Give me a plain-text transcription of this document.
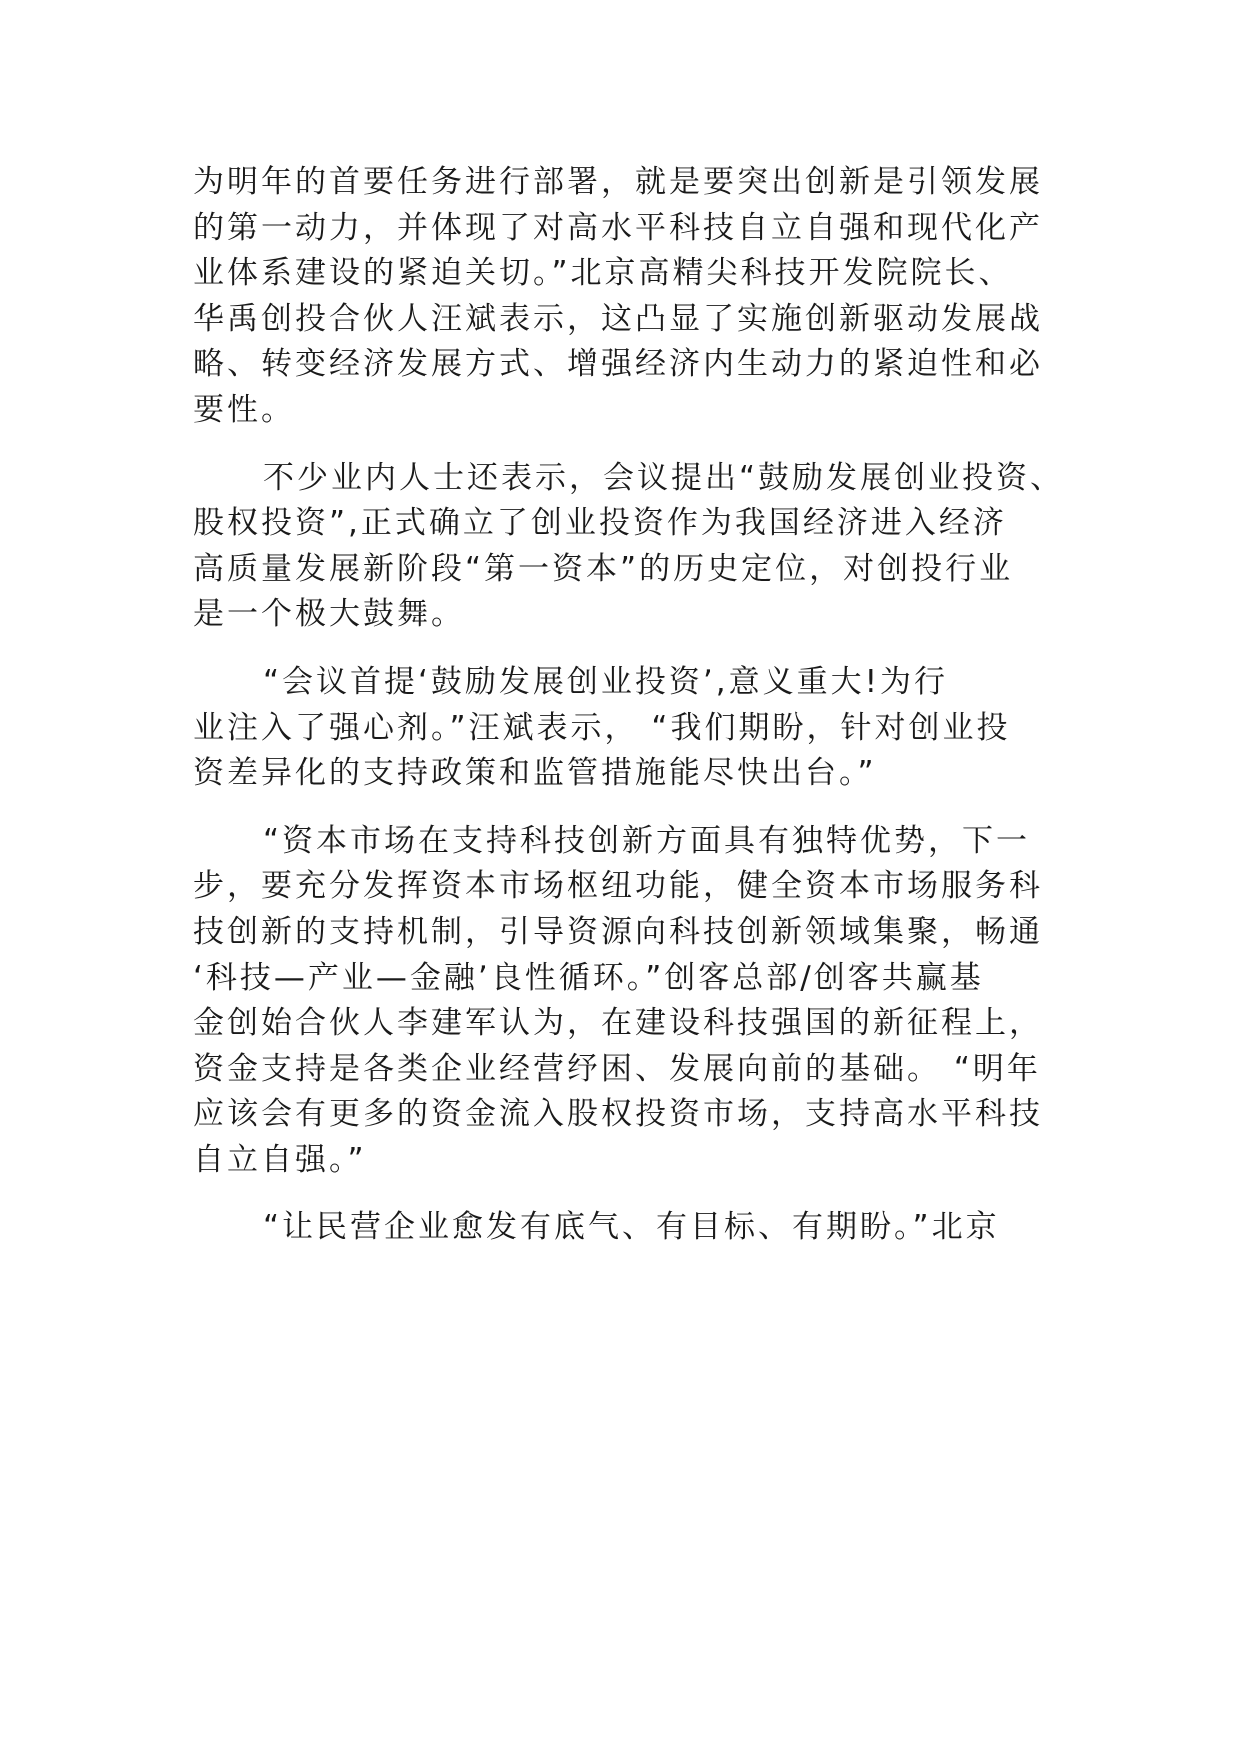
为明年的首要任务进行部署，就是要突出创新是引领发展
的第一动力，并体现了对高水平科技自立自强和现代化产
业体系建设的紧迫关切。”北京高精尖科技开发院院长、
华禹创投合伙人汪斌表示，这凸显了实施创新驱动发展战
略、转变经济发展方式、增强经济内生动力的紧迫性和必
要性。
不少业内人士还表示，会议提出“鼓励发展创业投资、
股权投资”,正式确立了创业投资作为我国经济进入经济
高质量发展新阶段“第一资本”的历史定位，对创投行业
是一个极大鼓舞。
“会议首提‘鼓励发展创业投资’,意义重大!为行
业注入了强心剂。”汪斌表示， “我们期盼，针对创业投
资差异化的支持政策和监管措施能尽快出台。”
“资本市场在支持科技创新方面具有独特优势，下一
步，要充分发挥资本市场枢纽功能，健全资本市场服务科
技创新的支持机制，引导资源向科技创新领域集聚，畅通
‘科技—产业—金融’良性循环。”创客总部/创客共赢基
金创始合伙人李建军认为，在建设科技强国的新征程上，
资金支持是各类企业经营纾困、发展向前的基础。 “明年
应该会有更多的资金流入股权投资市场，支持高水平科技
自立自强。”
“让民营企业愈发有底气、有目标、有期盼。”北京
